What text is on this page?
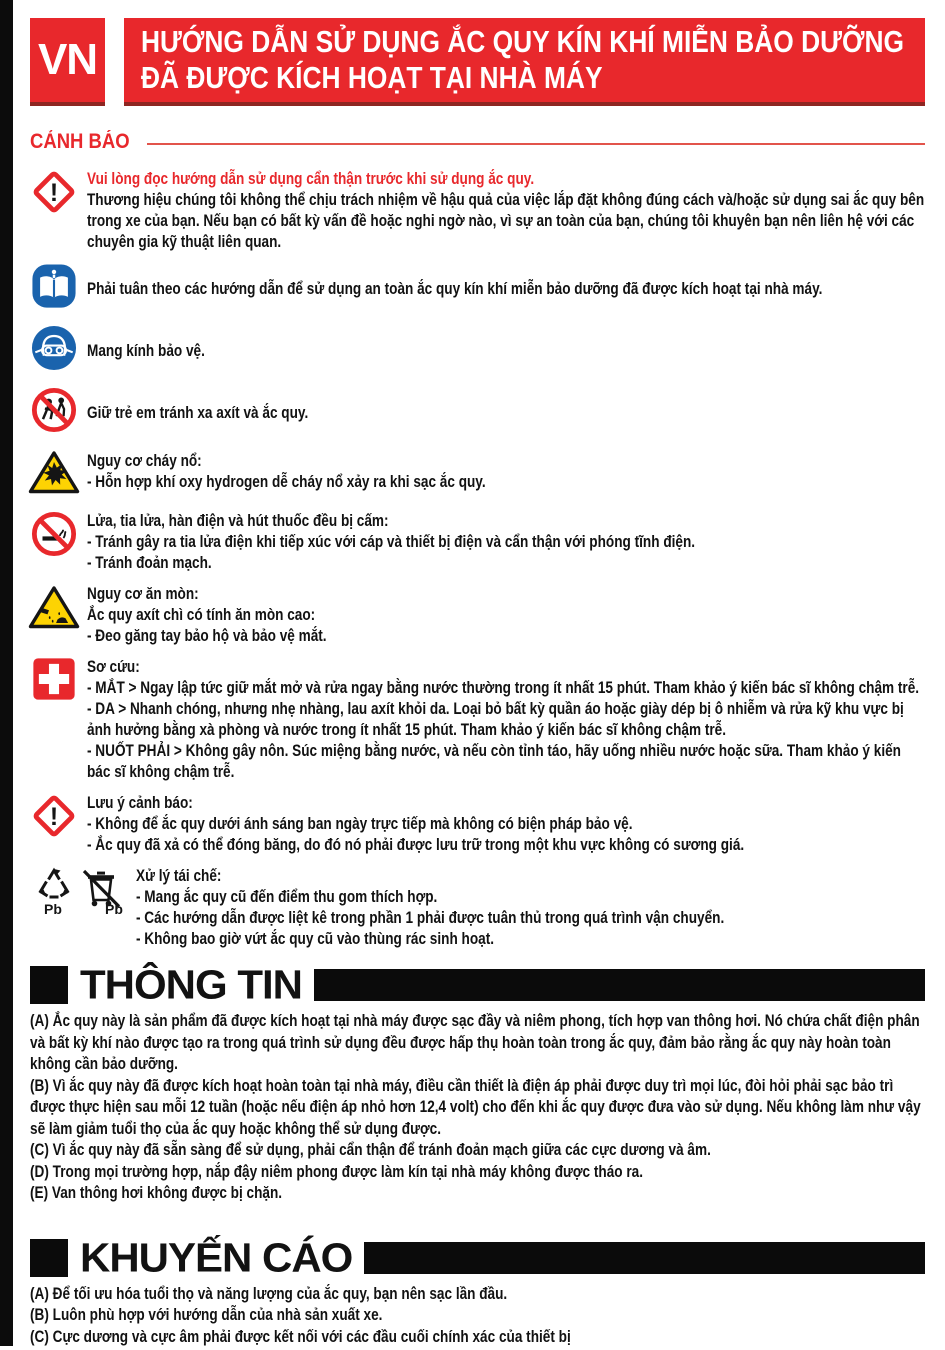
VN HƯỚNG DẪN SỬ DỤNG ẮC QUY KÍN KHÍ MIỄN BẢO DƯỠNG
ĐÃ ĐƯỢC KÍCH HOẠT TẠI NHÀ MÁY
CẢNH BÁO
!
Vui lòng đọc hướng dẫn sử dụng cẩn thận trước khi sử dụng ắc quy.

Thương hiệu chúng tôi không thể chịu trách nhiệm về hậu quả của việc lắp đặt không đúng cách và/hoặc sử dụng sai ắc quy bên trong xe của bạn. Nếu bạn có bất kỳ vấn đề hoặc nghi ngờ nào, vì sự an toàn của bạn, chúng tôi khuyên bạn nên liên hệ với các chuyên gia kỹ thuật liên quan.

Phải tuân theo các hướng dẫn để sử dụng an toàn ắc quy kín khí miễn bảo dưỡng đã được kích hoạt tại nhà máy.

Mang kính bảo vệ.

Giữ trẻ em tránh xa axít và ắc quy.

Nguy cơ cháy nổ:

- Hỗn hợp khí oxy hydrogen dễ cháy nổ xảy ra khi sạc ắc quy.

Lửa, tia lửa, hàn điện và hút thuốc đều bị cấm:

- Tránh gây ra tia lửa điện khi tiếp xúc với cáp và thiết bị điện và cẩn thận với phóng tĩnh điện.

- Tránh đoản mạch.

Nguy cơ ăn mòn:

Ắc quy axít chì có tính ăn mòn cao:

- Đeo găng tay bảo hộ và bảo vệ mắt.

Sơ cứu:

- MẮT > Ngay lập tức giữ mắt mở và rửa ngay bằng nước thường trong ít nhất 15 phút. Tham khảo ý kiến bác sĩ không chậm trễ.

- DA > Nhanh chóng, nhưng nhẹ nhàng, lau axít khỏi da. Loại bỏ bất kỳ quần áo hoặc giày dép bị ô nhiễm và rửa kỹ khu vực bị ảnh hưởng bằng xà phòng và nước trong ít nhất 15 phút. Tham khảo ý kiến bác sĩ không chậm trễ.

- NUỐT PHẢI > Không gây nôn. Súc miệng bằng nước, và nếu còn tỉnh táo, hãy uống nhiều nước hoặc sữa. Tham khảo ý kiến bác sĩ không chậm trễ.

!
Lưu ý cảnh báo:

- Không để ắc quy dưới ánh sáng ban ngày trực tiếp mà không có biện pháp bảo vệ.

- Ắc quy đã xả có thể đóng băng, do đó nó phải được lưu trữ trong một khu vực không có sương giá.

Pb	Pb
Xử lý tái chế:

- Mang ắc quy cũ đến điểm thu gom thích hợp.

- Các hướng dẫn được liệt kê trong phần 1 phải được tuân thủ trong quá trình vận chuyển.

- Không bao giờ vứt ắc quy cũ vào thùng rác sinh hoạt.

THÔNG TIN

(A) Ắc quy này là sản phẩm đã được kích hoạt tại nhà máy được sạc đầy và niêm phong, tích hợp van thông hơi. Nó chứa chất điện phân và bất kỳ khí nào được tạo ra trong quá trình sử dụng đều được hấp thụ hoàn toàn trong ắc quy, đảm bảo rằng ắc quy này hoàn toàn không cần bảo dưỡng.

(B) Vì ắc quy này đã được kích hoạt hoàn toàn tại nhà máy, điều cần thiết là điện áp phải được duy trì mọi lúc, đòi hỏi phải sạc bảo trì được thực hiện sau mỗi 12 tuần (hoặc nếu điện áp nhỏ hơn 12,4 volt) cho đến khi ắc quy được đưa vào sử dụng. Nếu không làm như vậy sẽ làm giảm tuổi thọ của ắc quy hoặc không thể sử dụng được.

(C) Vì ắc quy này đã sẵn sàng để sử dụng, phải cẩn thận để tránh đoản mạch giữa các cực dương và âm.

(D) Trong mọi trường hợp, nắp đậy niêm phong được làm kín tại nhà máy không được tháo ra.

(E) Van thông hơi không được bị chặn.

KHUYẾN CÁO

(A) Để tối ưu hóa tuổi thọ và năng lượng của ắc quy, bạn nên sạc lần đầu.

(B) Luôn phù hợp với hướng dẫn của nhà sản xuất xe.

(C) Cực dương và cực âm phải được kết nối với các đầu cuối chính xác của thiết bị
